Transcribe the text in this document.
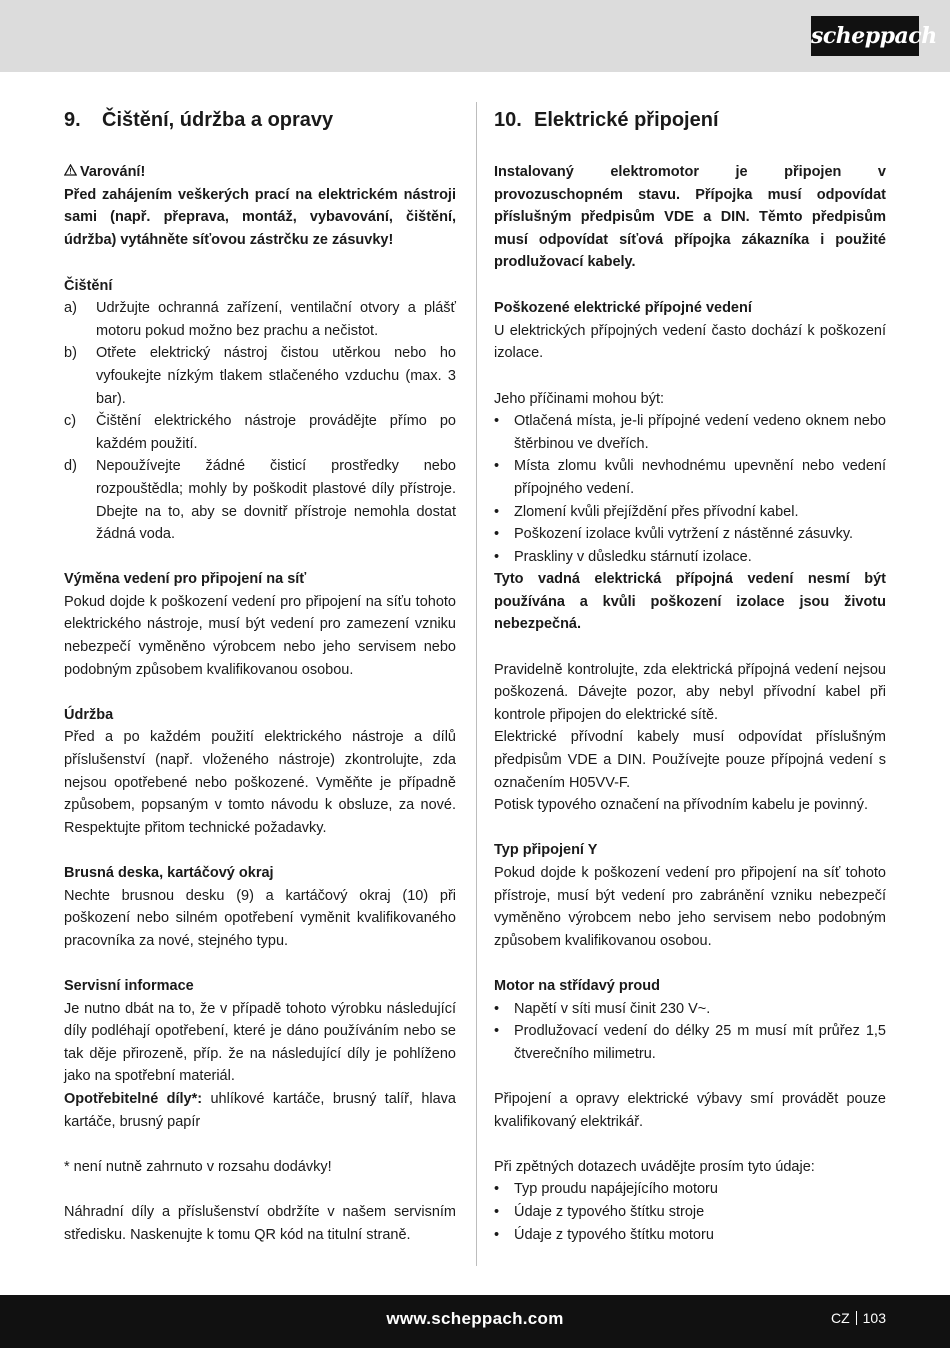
scheppach
9. Čištění, údržba a opravy

Varování!

Před zahájením veškerých prací na elektrickém nástroji sami (např. přeprava, montáž, vybavování, čištění, údržba) vytáhněte síťovou zástrčku ze zásuvky!

Čištění

a) Udržujte ochranná zařízení, ventilační otvory a plášť motoru pokud možno bez prachu a nečistot.
b) Otřete elektrický nástroj čistou utěrkou nebo ho vyfoukejte nízkým tlakem stlačeného vzduchu (max. 3 bar).
c) Čištění elektrického nástroje provádějte přímo po každém použití.
d) Nepoužívejte žádné čisticí prostředky nebo rozpouštědla; mohly by poškodit plastové díly přístroje. Dbejte na to, aby se dovnitř přístroje nemohla dostat žádná voda.

Výměna vedení pro připojení na síť

Pokud dojde k poškození vedení pro připojení na síťu tohoto elektrického nástroje, musí být vedení pro zamezení vzniku nebezpečí vyměněno výrobcem nebo jeho servisem nebo podobným způsobem kvalifikovanou osobou.

Údržba

Před a po každém použití elektrického nástroje a dílů příslušenství (např. vloženého nástroje) zkontrolujte, zda nejsou opotřebené nebo poškozené. Vyměňte je případně způsobem, popsaným v tomto návodu k obsluze, za nové. Respektujte přitom technické požadavky.

Brusná deska, kartáčový okraj

Nechte brusnou desku (9) a kartáčový okraj (10) při poškození nebo silném opotřebení vyměnit kvalifikovaného pracovníka za nové, stejného typu.

Servisní informace

Je nutno dbát na to, že v případě tohoto výrobku následující díly podléhají opotřebení, které je dáno používáním nebo se tak děje přirozeně, příp. že na následující díly je pohlíženo jako na spotřební materiál.

Opotřebitelné díly*: uhlíkové kartáče, brusný talíř, hlava kartáče, brusný papír

* není nutně zahrnuto v rozsahu dodávky!

Náhradní díly a příslušenství obdržíte v našem servisním středisku. Naskenujte k tomu QR kód na titulní straně.

10. Elektrické připojení

Instalovaný elektromotor je připojen v provozuschopném stavu. Přípojka musí odpovídat příslušným předpisům VDE a DIN. Těmto předpisům musí odpovídat síťová přípojka zákazníka i použité prodlužovací kabely.

Poškozené elektrické přípojné vedení

U elektrických přípojných vedení často dochází k poškození izolace.

Jeho příčinami mohou být:

• Otlačená místa, je-li přípojné vedení vedeno oknem nebo štěrbinou ve dveřích.
• Místa zlomu kvůli nevhodnému upevnění nebo vedení přípojného vedení.
• Zlomení kvůli přejíždění přes přívodní kabel.
• Poškození izolace kvůli vytržení z nástěnné zásuvky.
• Praskliny v důsledku stárnutí izolace.

Tyto vadná elektrická přípojná vedení nesmí být používána a kvůli poškození izolace jsou životu nebezpečná.

Pravidelně kontrolujte, zda elektrická přípojná vedení nejsou poškozená. Dávejte pozor, aby nebyl přívodní kabel při kontrole připojen do elektrické sítě.

Elektrické přívodní kabely musí odpovídat příslušným předpisům VDE a DIN. Používejte pouze přípojná vedení s označením H05VV-F.

Potisk typového označení na přívodním kabelu je povinný.

Typ připojení Y

Pokud dojde k poškození vedení pro připojení na síť tohoto přístroje, musí být vedení pro zabránění vzniku nebezpečí vyměněno výrobcem nebo jeho servisem nebo podobným způsobem kvalifikovanou osobou.

Motor na střídavý proud

• Napětí v síti musí činit 230 V~.
• Prodlužovací vedení do délky 25 m musí mít průřez 1,5 čtverečního milimetru.

Připojení a opravy elektrické výbavy smí provádět pouze kvalifikovaný elektrikář.

Při zpětných dotazech uvádějte prosím tyto údaje:

• Typ proudu napájejícího motoru
• Údaje z typového štítku stroje
• Údaje z typového štítku motoru
www.scheppach.com	CZ 103
